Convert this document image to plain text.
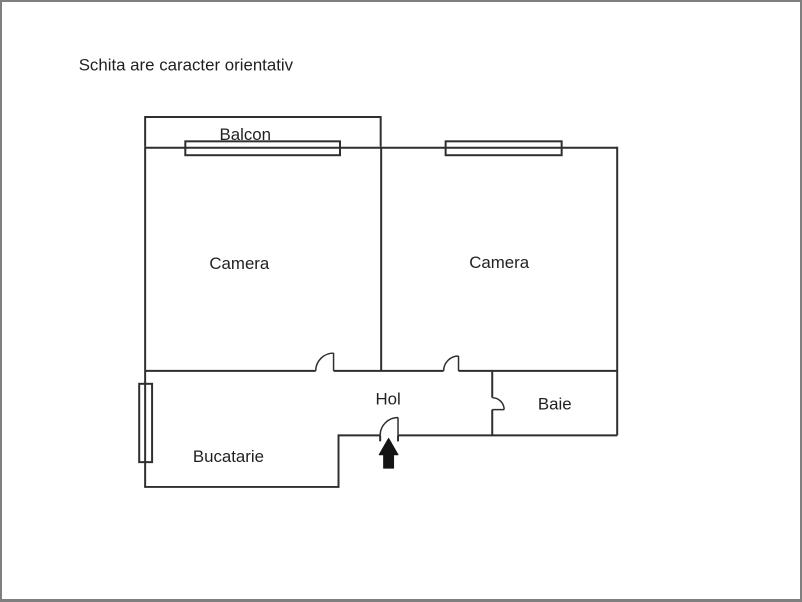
Schita are caracter orientativ
Balcon
Camera	Camera
Hol	Baie
Bucatarie
